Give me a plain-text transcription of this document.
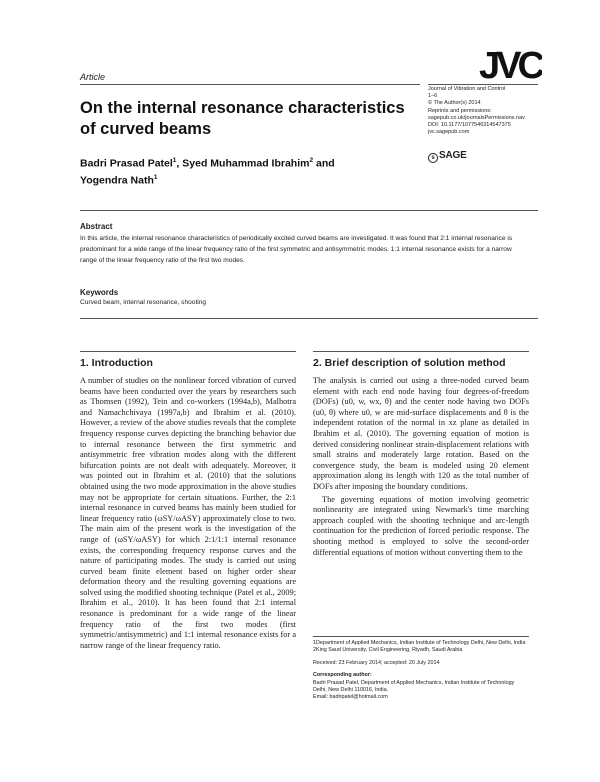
JVC
Article
Journal of Vibration and Control
1–6
© The Author(s) 2014
Reprints and permissions:
sagepub.co.uk/journalsPermissions.nav
DOI: 10.1177/1077546314547375
jvc.sagepub.com
s SAGE
On the internal resonance characteristics of curved beams
Badri Prasad Patel$^1$, Syed Muhammad Ibrahim$^2$ and
Yogendra Nath$^1$
Abstract
In this article, the internal resonance characteristics of periodically excited curved beams are investigated. It was found that 2:1 internal resonance is predominant for a wide range of the linear frequency ratio of the first symmetric and antisymmetric modes. 1:1 internal resonance exists for a narrow range of the linear frequency ratio of the first two modes.
Keywords
Curved beam, internal resonance, shooting
1. Introduction

A number of studies on the nonlinear forced vibration of curved beams have been conducted over the years by researchers such as Thomsen (1992), Tein and co-workers (1994a,b), Malhotra and Namachchivaya (1997a,b) and Ibrahim et al. (2010). However, a review of the above studies reveals that the complete frequency response curves depicting the branching behavior due to internal resonance between the first symmetric and antisymmetric free vibration modes along with the different bifurcation points are not dealt with adequately. Moreover, it was pointed out in Ibrahim et al. (2010) that the solutions obtained using the two mode approximation in the above studies may not be appropriate for certain situations. Further, the 2:1 internal resonance in curved beams has mainly been studied for linear frequency ratio (ωSY/ωASY) approximately close to two. The main aim of the present work is the investigation of the range of (ωSY/ωASY) for which 2:1/1:1 internal resonance exists, the corresponding frequency response curves and the nature of participating modes. The study is carried out using curved beam finite element based on higher order shear deformation theory and the resulting governing equations are solved using the modified shooting technique (Patel et al., 2009; Ibrahim et al., 2010). It has been found that 2:1 internal resonance is predominant for a wide range of the linear frequency ratio of the first two modes (first symmetric/antisymmetric) and 1:1 internal resonance exists for a narrow range of the linear frequency ratio.

2. Brief description of solution method

The analysis is carried out using a three-noded curved beam element with each end node having four degrees-of-freedom (DOFs) (u0, w, wx, θ) and the center node having two DOFs (u0, θ) where u0, w are mid-surface displacements and θ is the independent rotation of the normal in xz plane as detailed in Ibrahim et al. (2010). The governing equation of motion is derived considering nonlinear strain-displacement relations with small strains and moderately large rotation. Based on the convergence study, the beam is modeled using 20 element approximation along its length with 120 as the total number of DOFs after imposing the boundary conditions.

The governing equations of motion involving geometric nonlinearity are integrated using Newmark's time marching approach coupled with the shooting technique and arc-length continuation for the prediction of forced periodic response. The shooting method is employed to solve the second-order differential equations of motion without converting them to the

1Department of Applied Mechanics, Indian Institute of Technology Delhi, New Delhi, India
2King Saud University, Civil Engineering, Riyadh, Saudi Arabia
Received: 23 February 2014; accepted: 20 July 2014
Corresponding author:
Badri Prasad Patel, Department of Applied Mechanics, Indian Institute of Technology Delhi, New Delhi 110016, India.
Email: badripatel@hotmail.com
